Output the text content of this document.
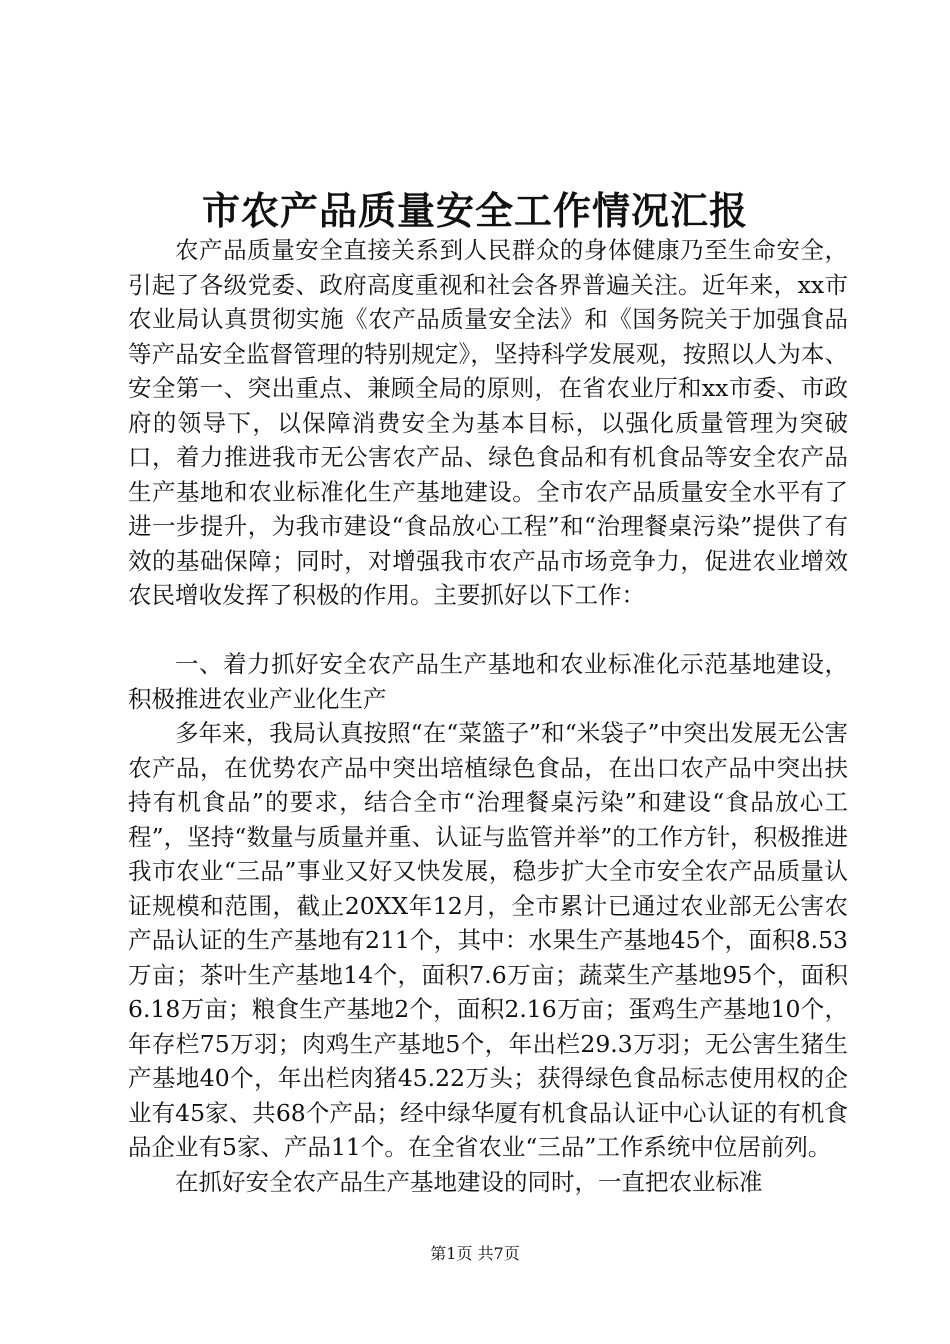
市农产品质量安全工作情况汇报

农产品质量安全直接关系到人民群众的身体健康乃至生命安全，引起了各级党委、政府高度重视和社会各界普遍关注。近年来，xx市农业局认真贯彻实施《农产品质量安全法》和《国务院关于加强食品等产品安全监督管理的特别规定》，坚持科学发展观，按照以人为本、安全第一、突出重点、兼顾全局的原则，在省农业厅和xx市委、市政府的领导下，以保障消费安全为基本目标，以强化质量管理为突破口，着力推进我市无公害农产品、绿色食品和有机食品等安全农产品生产基地和农业标准化生产基地建设。全市农产品质量安全水平有了进一步提升，为我市建设“食品放心工程”和“治理餐桌污染”提供了有效的基础保障；同时，对增强我市农产品市场竞争力，促进农业增效农民增收发挥了积极的作用。主要抓好以下工作：

一、着力抓好安全农产品生产基地和农业标准化示范基地建设，积极推进农业产业化生产

多年来，我局认真按照“在“菜篮子”和“米袋子”中突出发展无公害农产品，在优势农产品中突出培植绿色食品，在出口农产品中突出扶持有机食品”的要求，结合全市“治理餐桌污染”和建设“食品放心工程”，坚持“数量与质量并重、认证与监管并举”的工作方针，积极推进我市农业“三品”事业又好又快发展，稳步扩大全市安全农产品质量认证规模和范围，截止20XX年12月，全市累计已通过农业部无公害农产品认证的生产基地有211个，其中：水果生产基地45个，面积8.53万亩；茶叶生产基地14个，面积7.6万亩；蔬菜生产基地95个，面积6.18万亩；粮食生产基地2个，面积2.16万亩；蛋鸡生产基地10个，年存栏75万羽；肉鸡生产基地5个，年出栏29.3万羽；无公害生猪生产基地40个，年出栏肉猪45.22万头；获得绿色食品标志使用权的企业有45家、共68个产品；经中绿华厦有机食品认证中心认证的有机食品企业有5家、产品11个。在全省农业“三品”工作系统中位居前列。

在抓好安全农产品生产基地建设的同时，一直把农业标准

第1页 共7页
